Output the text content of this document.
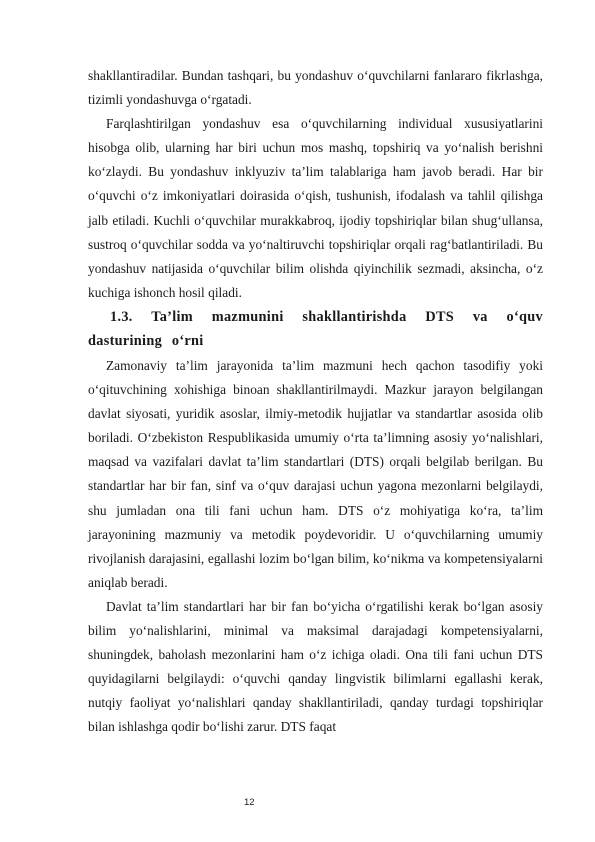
shakllantiradilar. Bundan tashqari, bu yondashuv o‘quvchilarni fanlararo fikrlashga, tizimli yondashuvga o‘rgatadi.

Farqlashtirilgan yondashuv esa o‘quvchilarning individual xususiyatlarini hisobga olib, ularning har biri uchun mos mashq, topshiriq va yo‘nalish berishni ko‘zlaydi. Bu yondashuv inklyuziv ta’lim talablariga ham javob beradi. Har bir o‘quvchi o‘z imkoniyatlari doirasida o‘qish, tushunish, ifodalash va tahlil qilishga jalb etiladi. Kuchli o‘quvchilar murakkabroq, ijodiy topshiriqlar bilan shug‘ullansa, sustroq o‘quvchilar sodda va yo‘naltiruvchi topshiriqlar orqali rag‘batlantiriladi. Bu yondashuv natijasida o‘quvchilar bilim olishda qiyinchilik sezmadi, aksincha, o‘z kuchiga ishonch hosil qiladi.

1.3. Ta’lim mazmunini shakllantirishda DTS va o‘quv dasturining o‘rni

Zamonaviy ta’lim jarayonida ta’lim mazmuni hech qachon tasodifiy yoki o‘qituvchining xohishiga binoan shakllantirilmaydi. Mazkur jarayon belgilangan davlat siyosati, yuridik asoslar, ilmiy-metodik hujjatlar va standartlar asosida olib boriladi. O‘zbekiston Respublikasida umumiy o‘rta ta’limning asosiy yo‘nalishlari, maqsad va vazifalari davlat ta’lim standartlari (DTS) orqali belgilab berilgan. Bu standartlar har bir fan, sinf va o‘quv darajasi uchun yagona mezonlarni belgilaydi, shu jumladan ona tili fani uchun ham. DTS o‘z mohiyatiga ko‘ra, ta’lim jarayonining mazmuniy va metodik poydevoridir. U o‘quvchilarning umumiy rivojlanish darajasini, egallashi lozim bo‘lgan bilim, ko‘nikma va kompetensiyalarni aniqlab beradi.

Davlat ta’lim standartlari har bir fan bo‘yicha o‘rgatilishi kerak bo‘lgan asosiy bilim yo‘nalishlarini, minimal va maksimal darajadagi kompetensiyalarni, shuningdek, baholash mezonlarini ham o‘z ichiga oladi. Ona tili fani uchun DTS quyidagilarni belgilaydi: o‘quvchi qanday lingvistik bilimlarni egallashi kerak, nutqiy faoliyat yo‘nalishlari qanday shakllantiriladi, qanday turdagi topshiriqlar bilan ishlashga qodir bo‘lishi zarur. DTS faqat

12
